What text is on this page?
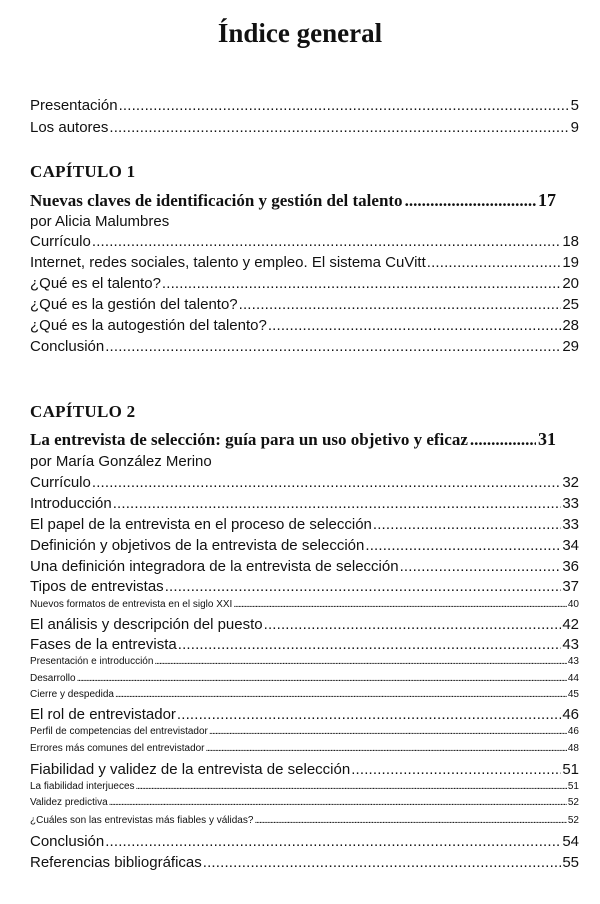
Índice general
Presentación . . .	5
Los autores . . .	9
CAPÍTULO 1
Nuevas claves de identificación y gestión del talento .....	17
por Alicia Malumbres
Currículo . . .	18
Internet, redes sociales, talento y empleo. El sistema CuVitt . . .	19
¿Qué es el talento? . . .	20
¿Qué es la gestión del talento? . . .	25
¿Qué es la autogestión del talento? . . .	28
Conclusión . . .	29
CAPÍTULO 2
La entrevista de selección: guía para un uso objetivo y eficaz .....	31
por María González Merino
Currículo . . .	32
Introducción . . .	33
El papel de la entrevista en el proceso de selección . . .	33
Definición y objetivos de la entrevista de selección . . .	34
Una definición integradora de la entrevista de selección . . .	36
Tipos de entrevistas . . .	37
Nuevos formatos de entrevista en el siglo XXI . . .	40
El análisis y descripción del puesto . . .	42
Fases de la entrevista . . .	43
Presentación e introducción . . .	43
Desarrollo . . .	44
Cierre y despedida . . .	45
El rol de entrevistador . . .	46
Perfil de competencias del entrevistador . . .	46
Errores más comunes del entrevistador . . .	48
Fiabilidad y validez de la entrevista de selección . . .	51
La fiabilidad interjueces . . .	51
Validez predictiva . . .	52
¿Cuáles son las entrevistas más fiables y válidas? . . .	52
Conclusión . . .	54
Referencias bibliográficas . . .	55
